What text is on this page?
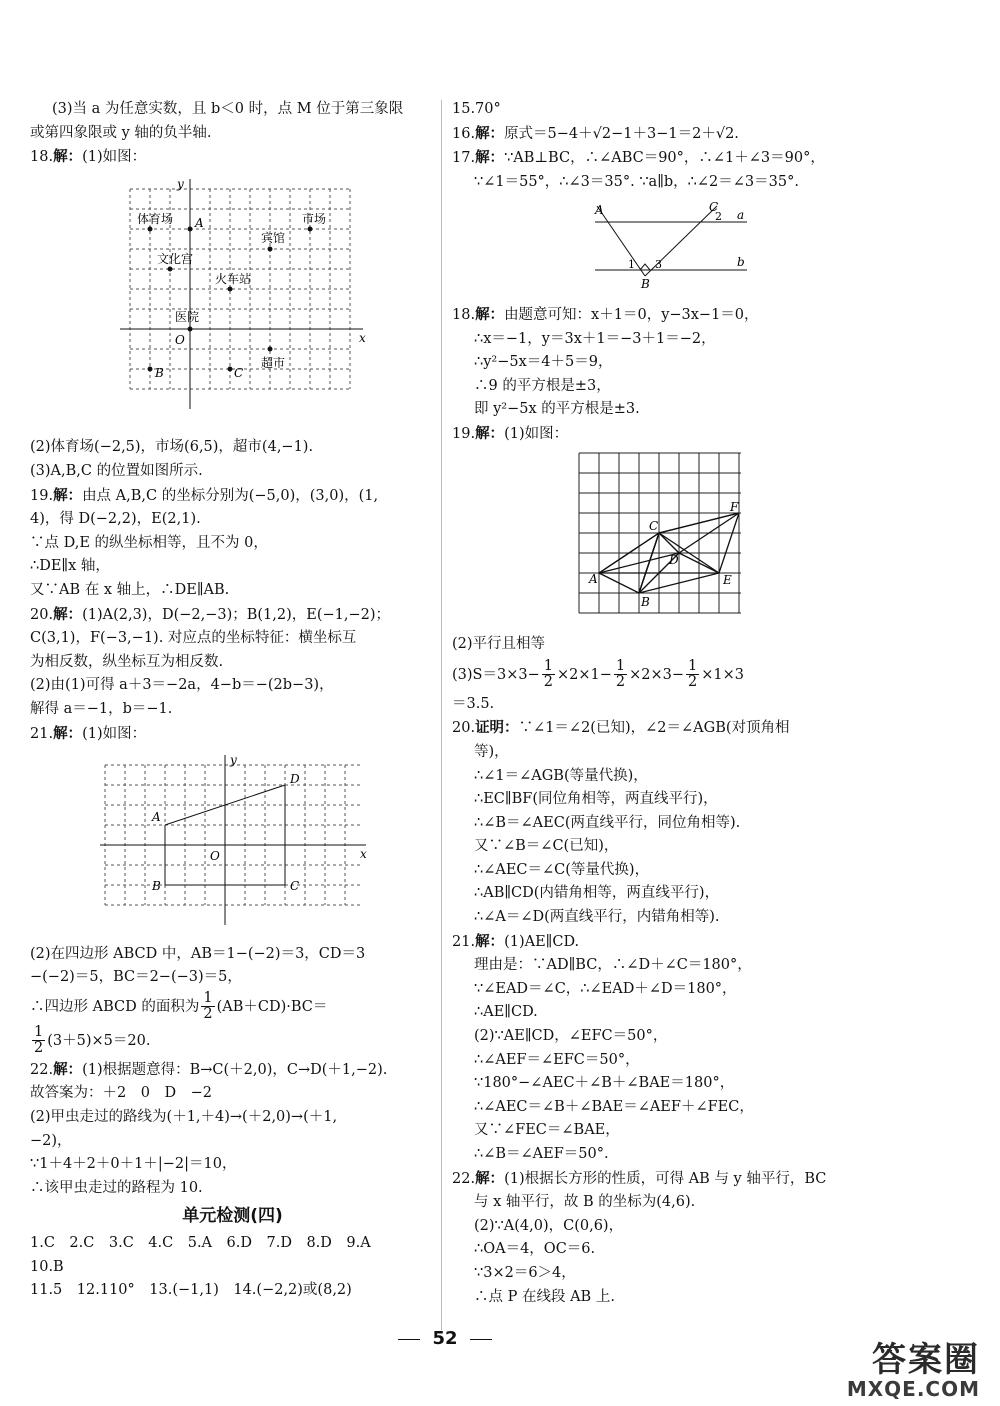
(3)当 a 为任意实数，且 b＜0 时，点 M 位于第三象限
或第四象限或 y 轴的负半轴.
18.解：(1)如图：
y
x
O
体育场 A	市场
宾馆
文化宫
火车站
医院
B	C
超市
(2)体育场(−2,5)，市场(6,5)，超市(4,−1).
(3)A,B,C 的位置如图所示.
19.解：由点 A,B,C 的坐标分别为(−5,0)，(3,0)，(1,
4)，得 D(−2,2)，E(2,1).
∵点 D,E 的纵坐标相等，且不为 0，
∴DE∥x 轴，
又∵AB 在 x 轴上，∴DE∥AB.
20.解：(1)A(2,3)，D(−2,−3)；B(1,2)，E(−1,−2)；
C(3,1)，F(−3,−1). 对应点的坐标特征：横坐标互
为相反数，纵坐标互为相反数.
(2)由(1)可得 a＋3＝−2a，4−b＝−(2b−3)，
解得 a＝−1，b＝−1.
21.解：(1)如图：
y
x
O
A
B	C
D
(2)在四边形 ABCD 中，AB＝1−(−2)＝3，CD＝3
−(−2)＝5，BC＝2−(−3)＝5，
∴四边形 ABCD 的面积为 $\frac{1}{2} (AB+CD)\cdot BC=$
$\frac{1}{2} (3+5)\times 5=20$.
22.解：(1)根据题意得：B→C(＋2,0)，C→D(＋1,−2).
故答案为：＋2　0　D　−2
(2)甲虫走过的路线为(＋1,＋4)→(＋2,0)→(＋1,
−2)，
∵1＋4＋2＋0＋1＋|−2|＝10，
∴该甲虫走过的路程为 10.
单元检测(四)
1.C　2.C　3.C　4.C　5.A　6.D　7.D　8.D　9.A
10.B
11.5　12.110°　13.(−1,1)　14.(−2,2)或(8,2)
15.70°
16.解：原式＝5−4＋√2−1＋3−1＝2＋√2.
17.解：∵AB⊥BC，∴∠ABC＝90°，∴∠1＋∠3＝90°，
∵∠1＝55°，∴∠3＝35°. ∵a∥b，∴∠2＝∠3＝35°.
A	C
2 a
1 3	b
B
18.解：由题意可知：x＋1＝0，y−3x−1＝0，
∴x＝−1，y＝3x＋1＝−3＋1＝−2，
∴y²−5x＝4＋5＝9，
∴9 的平方根是±3，
即 y²−5x 的平方根是±3.
19.解：(1)如图：
C
F
D
A	E
B
(2)平行且相等
$(3)S=3\times 3- \frac{1}{2} \times 2\times 1- \frac{1}{2} \times 2\times 3- \frac{1}{2} \times 1\times 3$
＝3.5.
20.证明：∵∠1＝∠2(已知)，∠2＝∠AGB(对顶角相
等)，
∴∠1＝∠AGB(等量代换)，
∴EC∥BF(同位角相等，两直线平行)，
∴∠B＝∠AEC(两直线平行，同位角相等).
又∵∠B＝∠C(已知)，
∴∠AEC＝∠C(等量代换)，
∴AB∥CD(内错角相等，两直线平行)，
∴∠A＝∠D(两直线平行，内错角相等).
21.解：(1)AE∥CD.
理由是：∵AD∥BC，∴∠D＋∠C＝180°，
∵∠EAD＝∠C，∴∠EAD＋∠D＝180°，
∴AE∥CD.
(2)∵AE∥CD，∠EFC＝50°，
∴∠AEF＝∠EFC＝50°，
∵180°−∠AEC＋∠B＋∠BAE＝180°，
∴∠AEC＝∠B＋∠BAE＝∠AEF＋∠FEC，
又∵∠FEC＝∠BAE，
∴∠B＝∠AEF＝50°.
22.解：(1)根据长方形的性质，可得 AB 与 y 轴平行，BC
与 x 轴平行，故 B 的坐标为(4,6).
(2)∵A(4,0)，C(0,6)，
∴OA＝4，OC＝6.
∵3×2＝6＞4，
∴点 P 在线段 AB 上.
52
答案圈
MXQE.COM
